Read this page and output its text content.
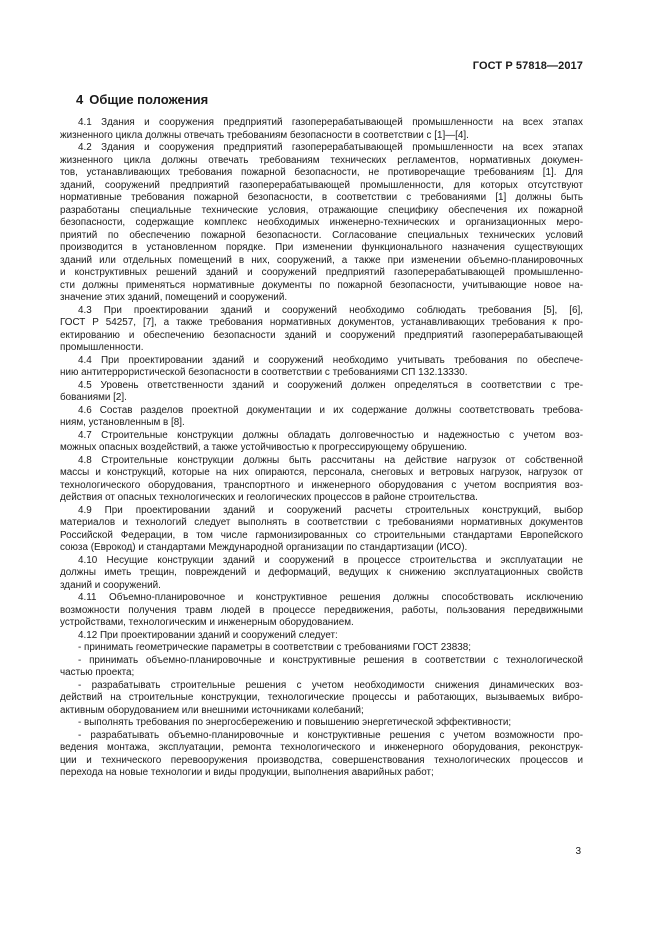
ГОСТ Р 57818—2017
4 Общие положения
4.1 Здания и сооружения предприятий газоперерабатывающей промышленности на всех этапах
жизненного цикла должны отвечать требованиям безопасности в соответствии с [1]—[4].
4.2 Здания и сооружения предприятий газоперерабатывающей промышленности на всех этапах
жизненного цикла должны отвечать требованиям технических регламентов, нормативных докумен-
тов, устанавливающих требования пожарной безопасности, не противоречащие требованиям [1]. Для
зданий, сооружений предприятий газоперерабатывающей промышленности, для которых отсутствуют
нормативные требования пожарной безопасности, в соответствии с требованиями [1] должны быть
разработаны специальные технические условия, отражающие специфику обеспечения их пожарной
безопасности, содержащие комплекс необходимых инженерно-технических и организационных меро-
приятий по обеспечению пожарной безопасности. Согласование специальных технических условий
производится в установленном порядке. При изменении функционального назначения существующих
зданий или отдельных помещений в них, сооружений, а также при изменении объемно-планировочных
и конструктивных решений зданий и сооружений предприятий газоперерабатывающей промышленно-
сти должны применяться нормативные документы по пожарной безопасности, учитывающие новое на-
значение этих зданий, помещений и сооружений.
4.3 При проектировании зданий и сооружений необходимо соблюдать требования [5], [6],
ГОСТ Р 54257, [7], а также требования нормативных документов, устанавливающих требования к про-
ектированию и обеспечению безопасности зданий и сооружений предприятий газоперерабатывающей
промышленности.
4.4 При проектировании зданий и сооружений необходимо учитывать требования по обеспече-
нию антитеррористической безопасности в соответствии с требованиями СП 132.13330.
4.5 Уровень ответственности зданий и сооружений должен определяться в соответствии с тре-
бованиями [2].
4.6 Состав разделов проектной документации и их содержание должны соответствовать требова-
ниям, установленным в [8].
4.7 Строительные конструкции должны обладать долговечностью и надежностью с учетом воз-
можных опасных воздействий, а также устойчивостью к прогрессирующему обрушению.
4.8 Строительные конструкции должны быть рассчитаны на действие нагрузок от собственной
массы и конструкций, которые на них опираются, персонала, снеговых и ветровых нагрузок, нагрузок от
технологического оборудования, транспортного и инженерного оборудования с учетом восприятия воз-
действия от опасных технологических и геологических процессов в районе строительства.
4.9 При проектировании зданий и сооружений расчеты строительных конструкций, выбор
материалов и технологий следует выполнять в соответствии с требованиями нормативных документов
Российской Федерации, в том числе гармонизированных со строительными стандартами Европейского
союза (Еврокод) и стандартами Международной организации по стандартизации (ИСО).
4.10 Несущие конструкции зданий и сооружений в процессе строительства и эксплуатации не
должны иметь трещин, повреждений и деформаций, ведущих к снижению эксплуатационных свойств
зданий и сооружений.
4.11 Объемно-планировочное и конструктивное решения должны способствовать исключению
возможности получения травм людей в процессе передвижения, работы, пользования передвижными
устройствами, технологическим и инженерным оборудованием.
4.12 При проектировании зданий и сооружений следует:
- принимать геометрические параметры в соответствии с требованиями ГОСТ 23838;
- принимать объемно-планировочные и конструктивные решения в соответствии с технологической
частью проекта;
- разрабатывать строительные решения с учетом необходимости снижения динамических воз-
действий на строительные конструкции, технологические процессы и работающих, вызываемых вибро-
активным оборудованием или внешними источниками колебаний;
- выполнять требования по энергосбережению и повышению энергетической эффективности;
- разрабатывать объемно-планировочные и конструктивные решения с учетом возможности про-
ведения монтажа, эксплуатации, ремонта технологического и инженерного оборудования, реконструк-
ции и технического перевооружения производства, совершенствования технологических процессов и
перехода на новые технологии и виды продукции, выполнения аварийных работ;
3
